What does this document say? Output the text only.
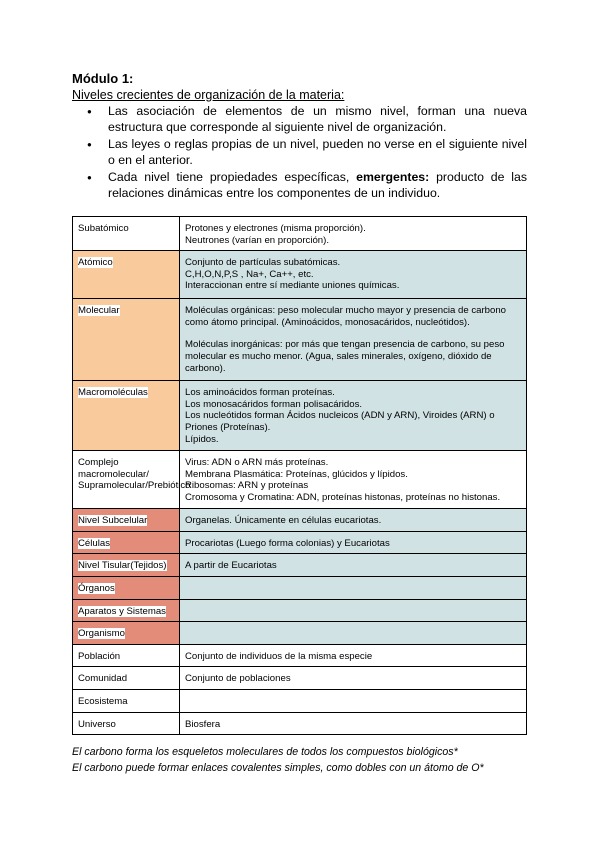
Módulo 1:
Niveles crecientes de organización de la materia:
● Las asociación de elementos de un mismo nivel, forman una nueva estructura que corresponde al siguiente nivel de organización.
● Las leyes o reglas propias de un nivel, pueden no verse en el siguiente nivel o en el anterior.
● Cada nivel tiene propiedades específicas, emergentes: producto de las relaciones dinámicas entre los componentes de un individuo.
Subatómico	Protones y electrones (misma proporción).
Neutrones (varían en proporción).

Atómico	Conjunto de partículas subatómicas.
C,H,O,N,P,S , Na+, Ca++, etc.
Interaccionan entre sí mediante uniones químicas.

Molecular	Moléculas orgánicas: peso molecular mucho mayor y presencia de carbono como átomo principal. (Aminoácidos, monosacáridos, nucleótidos).
Moléculas inorgánicas: por más que tengan presencia de carbono, su peso molecular es mucho menor. (Agua, sales minerales, oxígeno, dióxido de carbono).

Macromoléculas	Los aminoácidos forman proteínas.
Los monosacáridos forman polisacáridos.
Los nucleótidos forman Ácidos nucleicos (ADN y ARN), Viroides (ARN) o Priones (Proteínas).
Lípidos.

Complejo macromolecular/ Supramolecular/Prebiótico	Virus: ADN o ARN más proteínas.
Membrana Plasmática: Proteínas, glúcidos y lípidos.
Ribosomas: ARN y proteínas
Cromosoma y Cromatina: ADN, proteínas histonas, proteínas no histonas.

Nivel Subcelular	Organelas. Únicamente en células eucariotas.

Células	Procariotas (Luego forma colonias) y Eucariotas

Nivel Tisular(Tejidos)	A partir de Eucariotas

Órganos	
Aparatos y Sistemas	
Organismo	
Población	Conjunto de individuos de la misma especie

Comunidad	Conjunto de poblaciones

Ecosistema	
Universo	Biosfera
El carbono forma los esqueletos moleculares de todos los compuestos biológicos*
El carbono puede formar enlaces covalentes simples, como dobles con un átomo de O*
